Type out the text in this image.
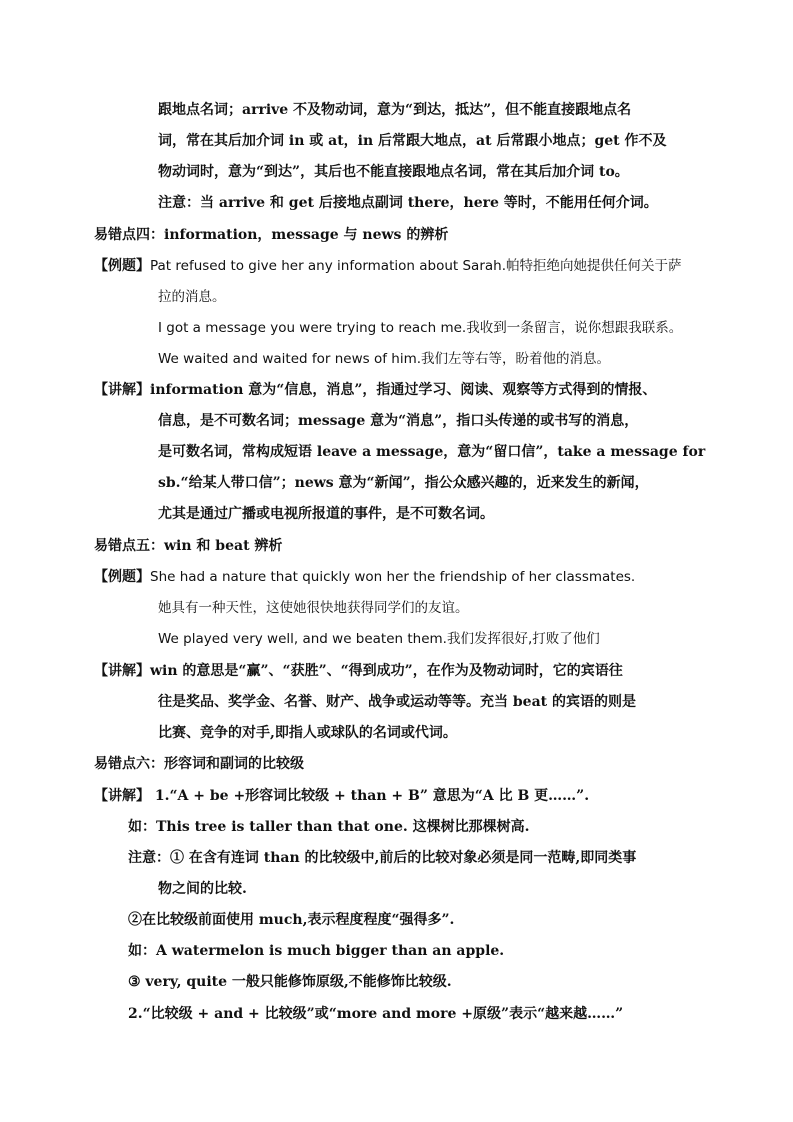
跟地点名词；arrive 不及物动词，意为“到达，抵达”，但不能直接跟地点名
词，常在其后加介词 in 或 at，in 后常跟大地点，at 后常跟小地点；get 作不及
物动词时，意为“到达”，其后也不能直接跟地点名词，常在其后加介词 to。
注意：当 arrive 和 get 后接地点副词 there，here 等时，不能用任何介词。
易错点四：information，message 与 news 的辨析
【例题】Pat refused to give her any information about Sarah.帕特拒绝向她提供任何关于萨
拉的消息。
I got a message you were trying to reach me.我收到一条留言，说你想跟我联系。
We waited and waited for news of him.我们左等右等，盼着他的消息。
【讲解】information 意为“信息，消息”，指通过学习、阅读、观察等方式得到的情报、
信息，是不可数名词；message 意为“消息”，指口头传递的或书写的消息，
是可数名词，常构成短语 leave a message，意为“留口信”，take a message for
sb.“给某人带口信”；news 意为“新闻”，指公众感兴趣的，近来发生的新闻，
尤其是通过广播或电视所报道的事件，是不可数名词。
易错点五：win 和 beat 辨析
【例题】She had a nature that quickly won her the friendship of her classmates.
她具有一种天性，这使她很快地获得同学们的友谊。
We played very well, and we beaten them.我们发挥很好,打败了他们
【讲解】win 的意思是“赢”、“获胜”、“得到成功”，在作为及物动词时，它的宾语往
往是奖品、奖学金、名誉、财产、战争或运动等等。充当 beat 的宾语的则是
比赛、竞争的对手,即指人或球队的名词或代词。
易错点六：形容词和副词的比较级
【讲解】 1.“A + be +形容词比较级 + than + B” 意思为“A 比 B 更……”.
如：This tree is taller than that one. 这棵树比那棵树高.
注意：① 在含有连词 than 的比较级中,前后的比较对象必须是同一范畴,即同类事
物之间的比较.
②在比较级前面使用 much,表示程度程度“强得多”.
如：A watermelon is much bigger than an apple.
③ very, quite 一般只能修饰原级,不能修饰比较级.
2.“比较级 + and + 比较级”或“more and more +原级”表示“越来越……”
